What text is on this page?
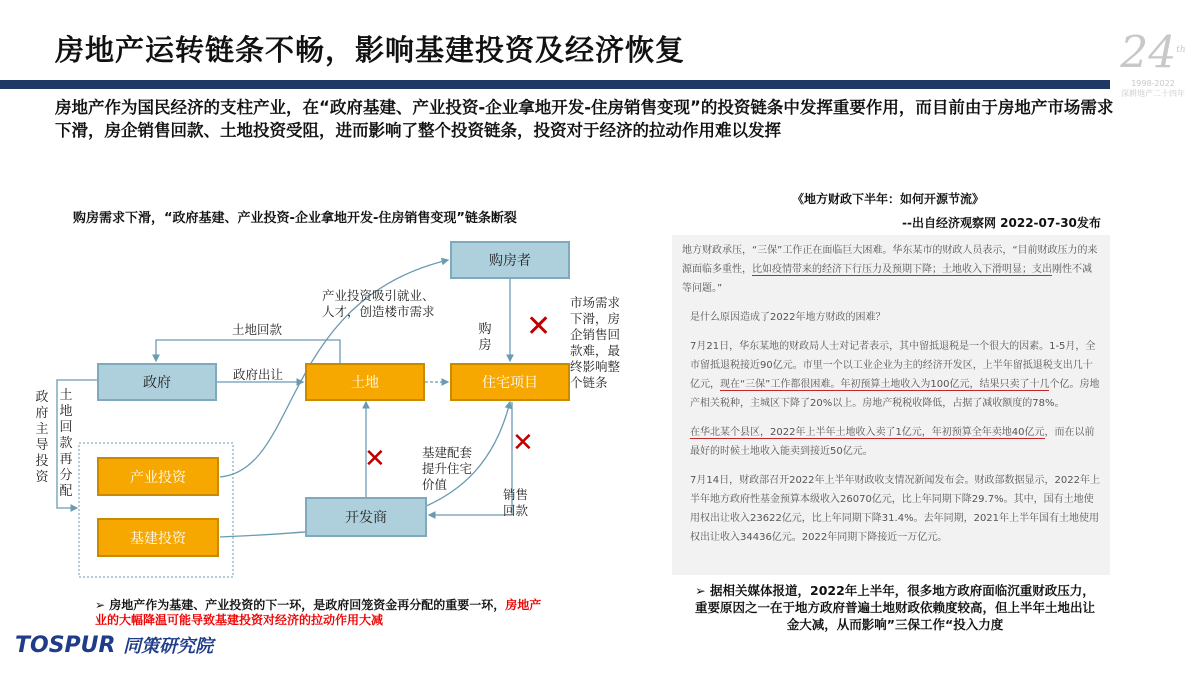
房地产运转链条不畅，影响基建投资及经济恢复	24th
1998-2022
深耕地产二十四年
房地产作为国民经济的支柱产业，在“政府基建、产业投资-企业拿地开发-住房销售变现”的投资链条中发挥重要作用，而目前由于房地产市场需求下滑，房企销售回款、土地投资受阻，进而影响了整个投资链条，投资对于经济的拉动作用难以发挥
购房需求下滑，“政府基建、产业投资-企业拿地开发-住房销售变现”链条断裂
购房者
政府	土地	住宅项目
产业投资
基建投资
开发商
产业投资吸引就业、人才，创造楼市需求
土地回款
政府出让
购房
市场需求下滑，房企销售回款难，最终影响整个链条
基建配套提升住宅价值
销售回款
政府主导投资
土地回款再分配
✕
✕
✕
➢ 房地产作为基建、产业投资的下一环，是政府回笼资金再分配的重要一环，房地产业的大幅降温可能导致基建投资对经济的拉动作用大减
《地方财政下半年：如何开源节流》
--出自经济观察网 2022-07-30发布

地方财政承压，“三保”工作正在面临巨大困难。华东某市的财政人员表示，“目前财政压力的来源面临多重性，比如疫情带来的经济下行压力及预期下降；土地收入下滑明显；支出刚性不减等问题。”

是什么原因造成了2022年地方财政的困难？

7月21日，华东某地的财政局人士对记者表示，其中留抵退税是一个很大的因素。1-5月，全市留抵退税接近90亿元。市里一个以工业企业为主的经济开发区，上半年留抵退税支出几十亿元，现在“三保”工作都很困难。年初预算土地收入为100亿元，结果只卖了十几个亿。房地产相关税种，主城区下降了20%以上。房地产税税收降低，占据了减收额度的78%。

在华北某个县区，2022年上半年土地收入卖了1亿元，年初预算全年卖地40亿元，而在以前最好的时候土地收入能卖到接近50亿元。

7月14日，财政部召开2022年上半年财政收支情况新闻发布会。财政部数据显示，2022年上半年地方政府性基金预算本级收入26070亿元，比上年同期下降29.7%。其中，国有土地使用权出让收入23622亿元，比上年同期下降31.4%。去年同期，2021年上半年国有土地使用权出让收入34436亿元。2022年同期下降接近一万亿元。

➢ 据相关媒体报道，2022年上半年，很多地方政府面临沉重财政压力，重要原因之一在于地方政府普遍土地财政依赖度较高，但上半年土地出让金大减，从而影响”三保工作“投入力度
TOSPUR 同策研究院
